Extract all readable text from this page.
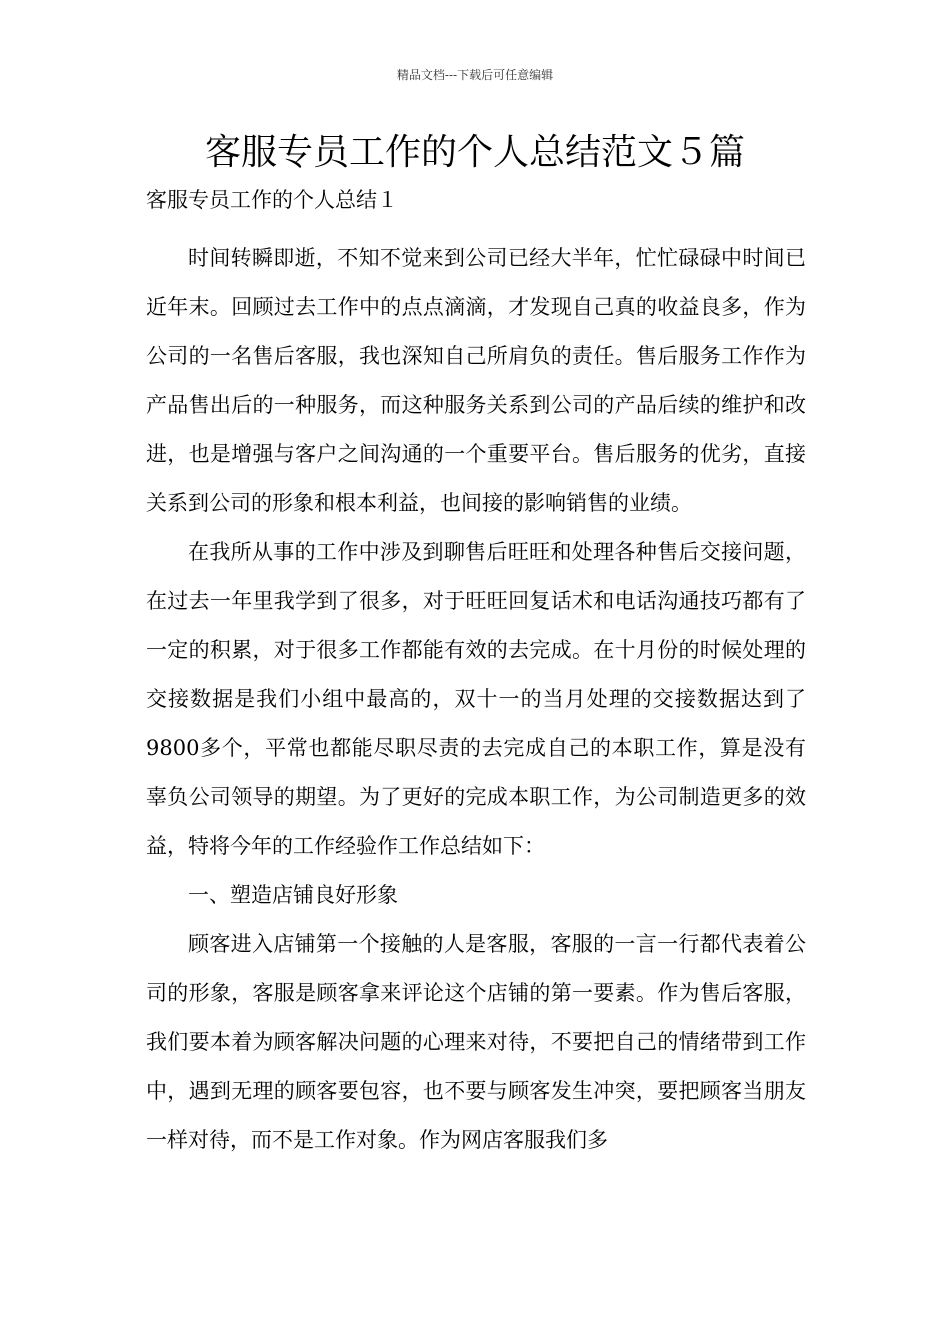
精品文档---下载后可任意编辑
客服专员工作的个人总结范文５篇
客服专员工作的个人总结１

时间转瞬即逝，不知不觉来到公司已经大半年，忙忙碌碌中时间已近年末。回顾过去工作中的点点滴滴，才发现自己真的收益良多，作为公司的一名售后客服，我也深知自己所肩负的责任。售后服务工作作为产品售出后的一种服务，而这种服务关系到公司的产品后续的维护和改进，也是增强与客户之间沟通的一个重要平台。售后服务的优劣，直接关系到公司的形象和根本利益，也间接的影响销售的业绩。

在我所从事的工作中涉及到聊售后旺旺和处理各种售后交接问题，在过去一年里我学到了很多，对于旺旺回复话术和电话沟通技巧都有了一定的积累，对于很多工作都能有效的去完成。在十月份的时候处理的交接数据是我们小组中最高的，双十一的当月处理的交接数据达到了9800多个，平常也都能尽职尽责的去完成自己的本职工作，算是没有辜负公司领导的期望。为了更好的完成本职工作，为公司制造更多的效益，特将今年的工作经验作工作总结如下：

一、塑造店铺良好形象

顾客进入店铺第一个接触的人是客服，客服的一言一行都代表着公司的形象，客服是顾客拿来评论这个店铺的第一要素。作为售后客服，我们要本着为顾客解决问题的心理来对待，不要把自己的情绪带到工作中，遇到无理的顾客要包容，也不要与顾客发生冲突，要把顾客当朋友一样对待，而不是工作对象。作为网店客服我们多
